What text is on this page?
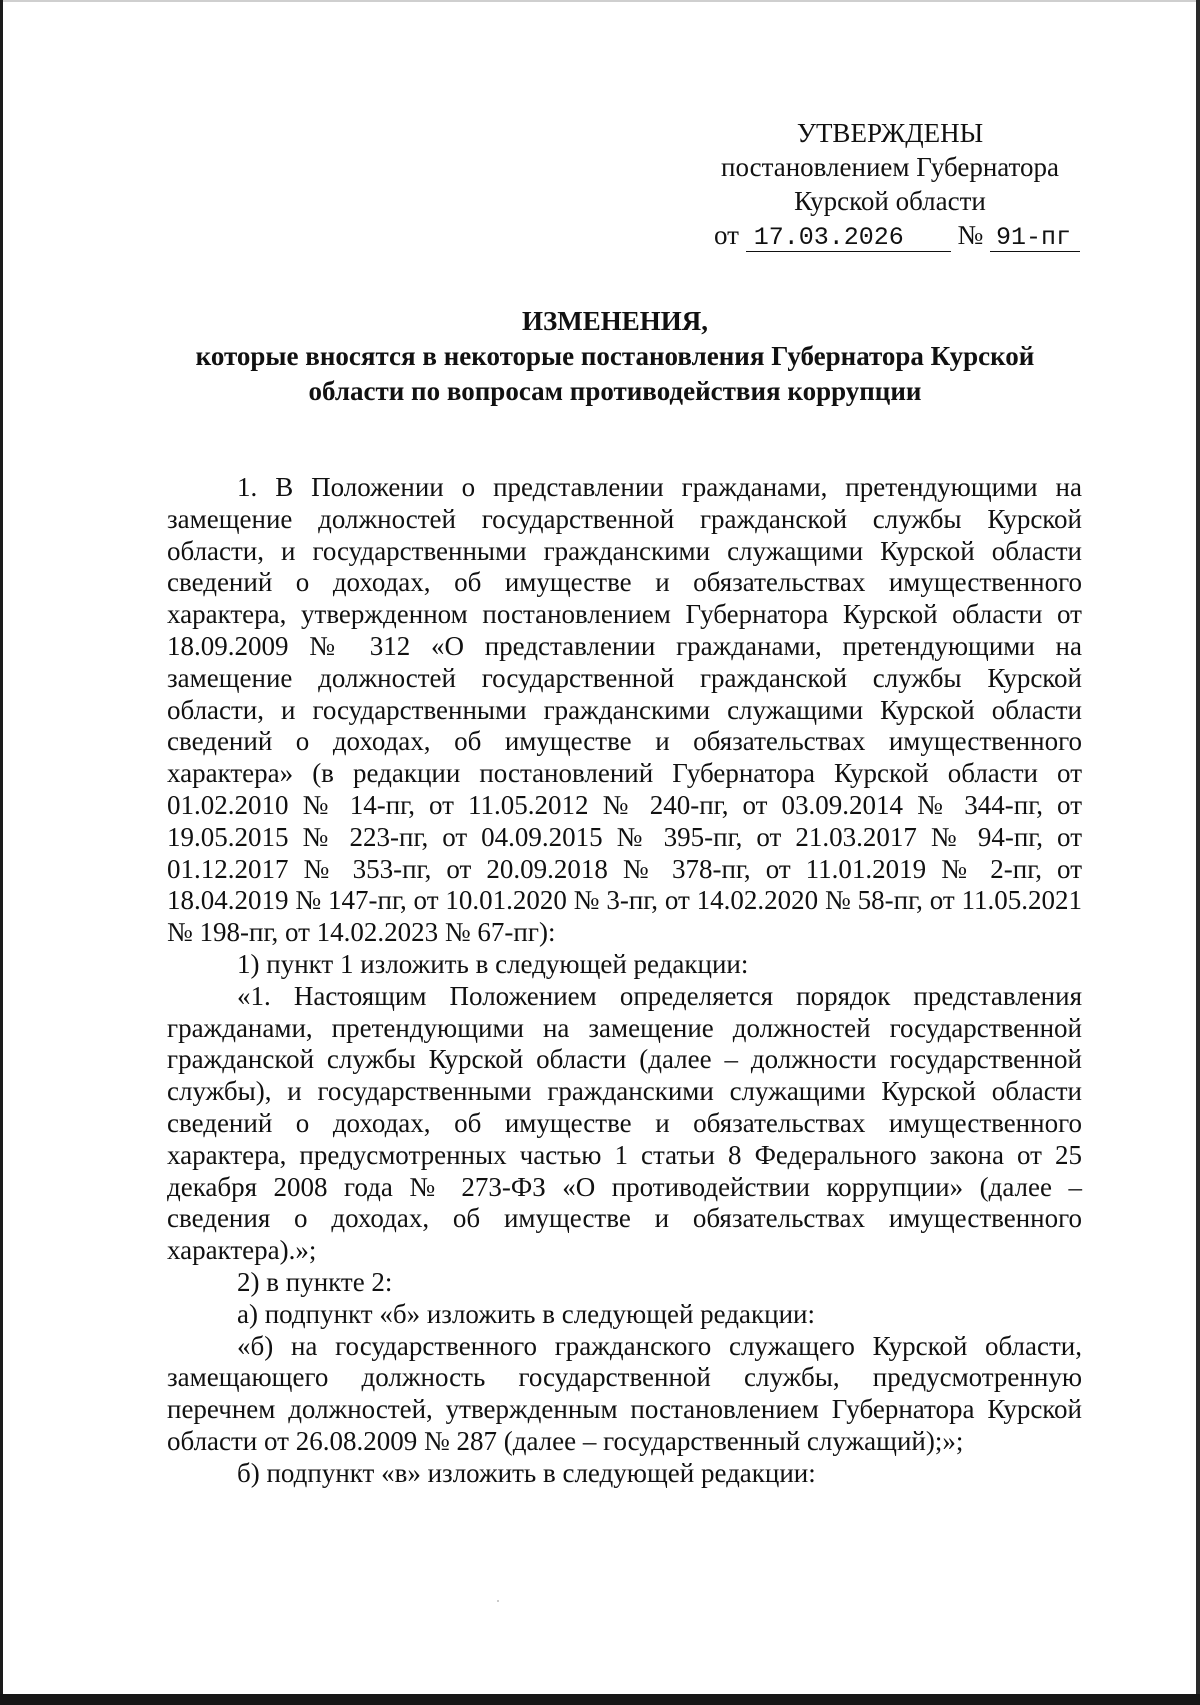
УТВЕРЖДЕНЫ
постановлением Губернатора
Курской области
от 17.03.2026 № 91-пг
ИЗМЕНЕНИЯ,
которые вносятся в некоторые постановления Губернатора Курской области по вопросам противодействия коррупции

1. В Положении о представлении гражданами, претендующими на замещение должностей государственной гражданской службы Курской области, и государственными гражданскими служащими Курской области сведений о доходах, об имуществе и обязательствах имущественного характера, утвержденном постановлением Губернатора Курской области от 18.09.2009 № 312 «О представлении гражданами, претендующими на замещение должностей государственной гражданской службы Курской области, и государственными гражданскими служащими Курской области сведений о доходах, об имуществе и обязательствах имущественного характера» (в редакции постановлений Губернатора Курской области от 01.02.2010 № 14-пг, от 11.05.2012 № 240-пг, от 03.09.2014 № 344-пг, от 19.05.2015 № 223-пг, от 04.09.2015 № 395-пг, от 21.03.2017 № 94-пг, от 01.12.2017 № 353-пг, от 20.09.2018 № 378-пг, от 11.01.2019 № 2-пг, от 18.04.2019 № 147-пг, от 10.01.2020 № 3-пг, от 14.02.2020 № 58-пг, от 11.05.2021 № 198-пг, от 14.02.2023 № 67-пг):

1) пункт 1 изложить в следующей редакции:

«1. Настоящим Положением определяется порядок представления гражданами, претендующими на замещение должностей государственной гражданской службы Курской области (далее – должности государственной службы), и государственными гражданскими служащими Курской области сведений о доходах, об имуществе и обязательствах имущественного характера, предусмотренных частью 1 статьи 8 Федерального закона от 25 декабря 2008 года № 273-ФЗ «О противодействии коррупции» (далее – сведения о доходах, об имуществе и обязательствах имущественного характера).»;

2) в пункте 2:

а) подпункт «б» изложить в следующей редакции:

«б) на государственного гражданского служащего Курской области, замещающего должность государственной службы, предусмотренную перечнем должностей, утвержденным постановлением Губернатора Курской области от 26.08.2009 № 287 (далее – государственный служащий);»;

б) подпункт «в» изложить в следующей редакции:
